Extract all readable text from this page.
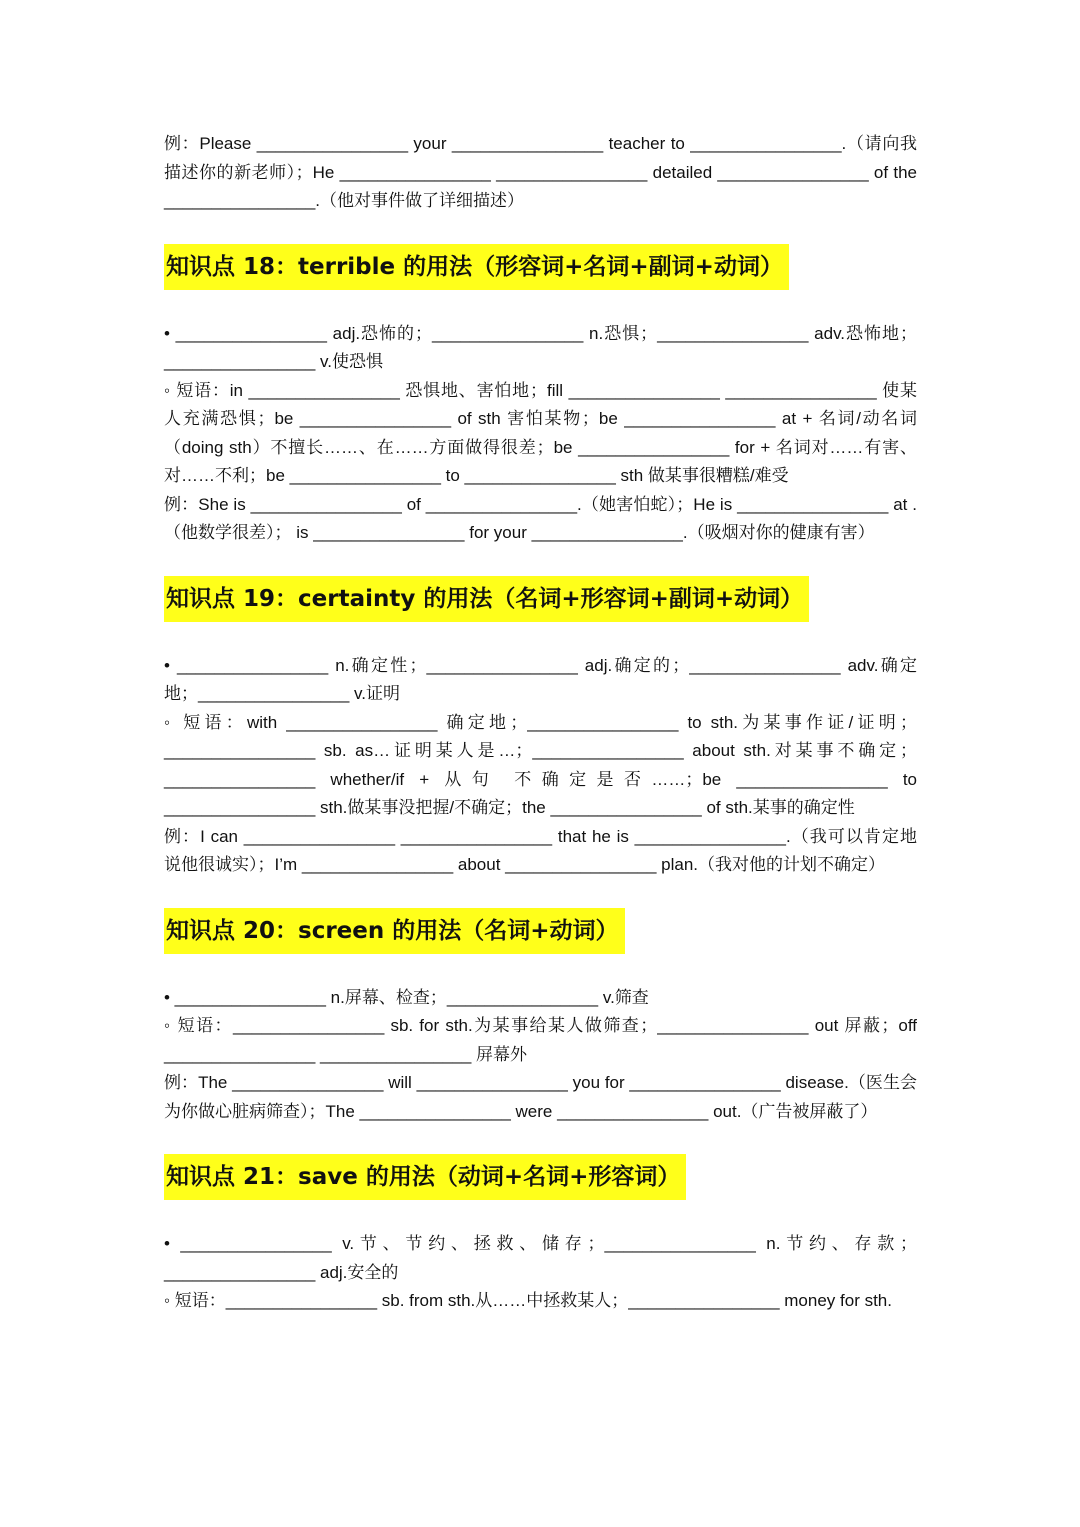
例：Please ________________ your ________________ teacher to ________________.（请向我描述你的新老师）；He ________________ ________________ detailed ________________ of the ________________.（他对事件做了详细描述）

知识点 18：terrible 的用法（形容词+名词+副词+动词）

• ________________ adj.恐怖的；________________ n.恐惧；________________ adv.恐怖地；________________ v.使恐惧

◦ 短语：in ________________ 恐惧地、害怕地；fill ________________ ________________ 使某人充满恐惧；be ________________ of sth 害怕某物；be ________________ at + 名词/动名词（doing sth）不擅长……、在……方面做得很差；be ________________ for + 名词对……有害、对……不利；be ________________ to ________________ sth 做某事很糟糕/难受

例：She is ________________ of ________________.（她害怕蛇）；He is ________________ at .（他数学很差）； is ________________ for your ________________.（吸烟对你的健康有害）

知识点 19：certainty 的用法（名词+形容词+副词+动词）

• ________________ n.确定性；________________ adj.确定的；________________ adv.确定地；________________ v.证明

◦ 短语：with ________________ 确定地；________________ to sth.为某事作证/证明；________________ sb. as…证明某人是…；________________ about sth.对某事不确定；________________ whether/if + 从句 不确定是否……；be ________________ to ________________ sth.做某事没把握/不确定；the ________________ of sth.某事的确定性

例：I can ________________ ________________ that he is ________________.（我可以肯定地说他很诚实）；I’m ________________ about ________________ plan.（我对他的计划不确定）

知识点 20：screen 的用法（名词+动词）

• ________________ n.屏幕、检查；________________ v.筛查

◦ 短语：________________ sb. for sth.为某事给某人做筛查；________________ out 屏蔽；off ________________ ________________ 屏幕外

例：The ________________ will ________________ you for ________________ disease.（医生会为你做心脏病筛查）；The ________________ were ________________ out.（广告被屏蔽了）

知识点 21：save 的用法（动词+名词+形容词）

• ________________ v.节、节约、拯救、储存；________________ n.节约、存款；________________ adj.安全的

◦ 短语：________________ sb. from sth.从……中拯救某人；________________ money for sth.
